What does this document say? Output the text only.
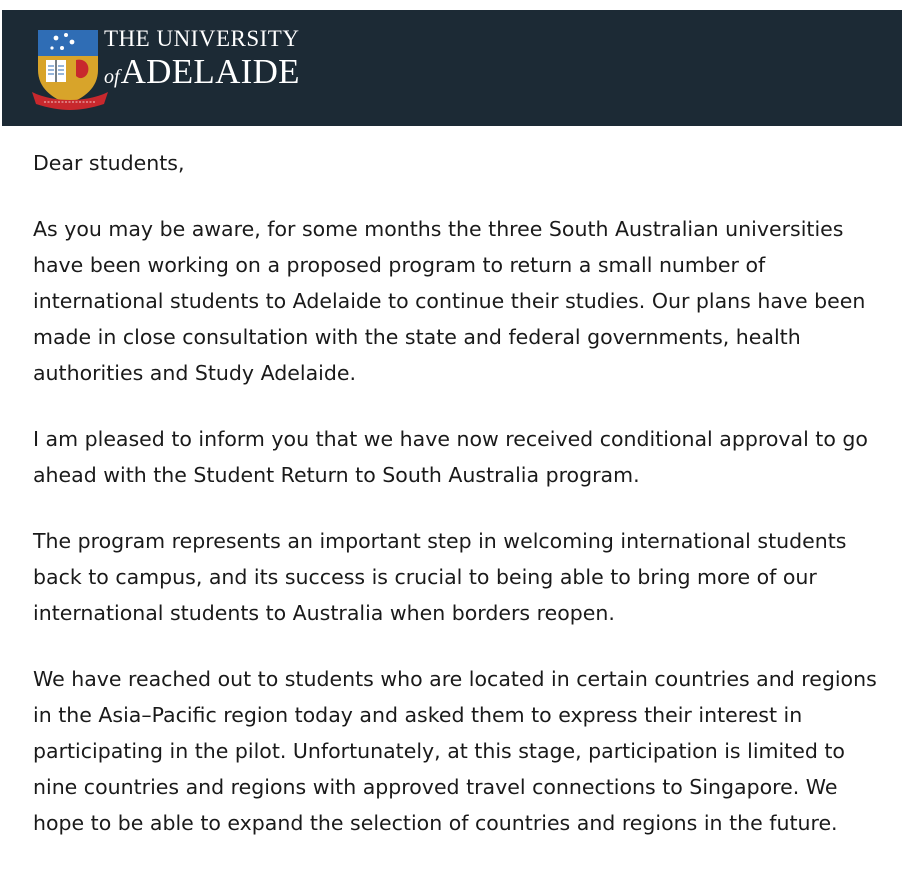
THE UNIVERSITY
ofADELAIDE

Dear students,

As you may be aware, for some months the three South Australian universities have been working on a proposed program to return a small number of international students to Adelaide to continue their studies. Our plans have been made in close consultation with the state and federal governments, health authorities and Study Adelaide.

I am pleased to inform you that we have now received conditional approval to go ahead with the Student Return to South Australia program.

The program represents an important step in welcoming international students back to campus, and its success is crucial to being able to bring more of our international students to Australia when borders reopen.

We have reached out to students who are located in certain countries and regions in the Asia–Pacific region today and asked them to express their interest in participating in the pilot. Unfortunately, at this stage, participation is limited to nine countries and regions with approved travel connections to Singapore. We hope to be able to expand the selection of countries and regions in the future.
